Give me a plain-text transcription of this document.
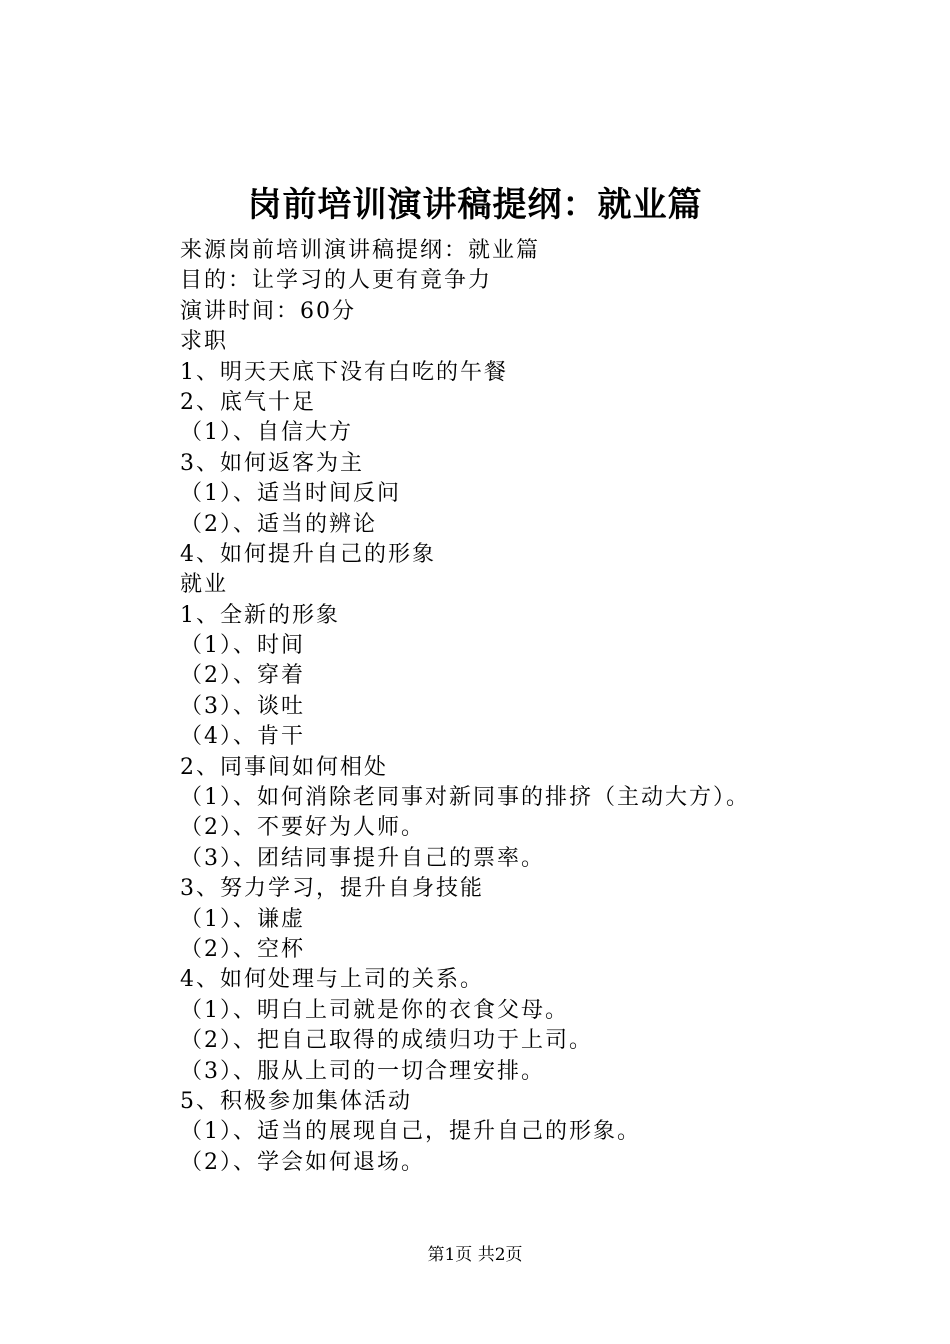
岗前培训演讲稿提纲：就业篇
来源岗前培训演讲稿提纲：就业篇
目的：让学习的人更有竟争力
演讲时间：60分
求职
1、明天天底下没有白吃的午餐
2、底气十足
（1）、自信大方
3、如何返客为主
（1）、适当时间反问
（2）、适当的辨论
4、如何提升自己的形象
就业
1、全新的形象
（1）、时间
（2）、穿着
（3）、谈吐
（4）、肯干
2、同事间如何相处
（1）、如何消除老同事对新同事的排挤（主动大方）。
（2）、不要好为人师。
（3）、团结同事提升自己的票率。
3、努力学习，提升自身技能
（1）、谦虚
（2）、空杯
4、如何处理与上司的关系。
（1）、明白上司就是你的衣食父母。
（2）、把自己取得的成绩归功于上司。
（3）、服从上司的一切合理安排。
5、积极参加集体活动
（1）、适当的展现自己，提升自己的形象。
（2）、学会如何退场。
第1页 共2页
